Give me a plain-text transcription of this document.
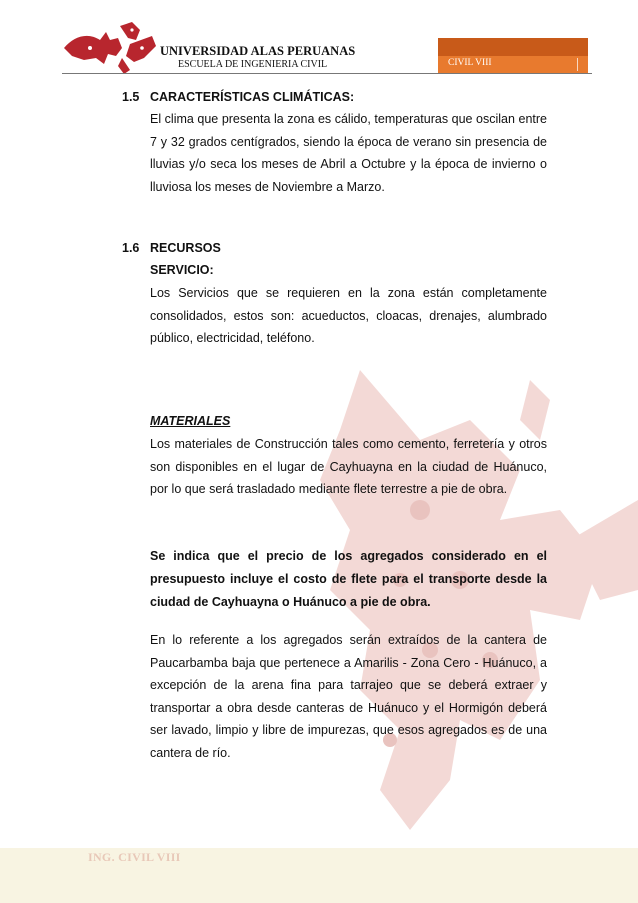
ING. CIVIL VIII
UNIVERSIDAD ALAS PERUANAS
ESCUELA DE INGENIERIA CIVIL	CIVIL VIII
1.5 CARACTERÍSTICAS CLIMÁTICAS:
El clima que presenta la zona es cálido, temperaturas que oscilan entre 7 y 32 grados centígrados, siendo la época de verano sin presencia de lluvias y/o seca los meses de Abril a Octubre y la época de invierno o lluviosa los meses de Noviembre a Marzo.
1.6 RECURSOS
SERVICIO:
Los Servicios que se requieren en la zona están completamente consolidados, estos son: acueductos, cloacas, drenajes, alumbrado público, electricidad, teléfono.
MATERIALES
Los materiales de Construcción tales como cemento, ferretería y otros son disponibles en el lugar de Cayhuayna en la ciudad de Huánuco, por lo que será trasladado mediante flete terrestre a pie de obra.
Se indica que el precio de los agregados considerado en el presupuesto incluye el costo de flete para el transporte desde la ciudad de Cayhuayna o Huánuco a pie de obra.
En lo referente a los agregados serán extraídos de la cantera de Paucarbamba baja que pertenece a Amarilis - Zona Cero - Huánuco, a excepción de la arena fina para tarrajeo que se deberá extraer y transportar a obra desde canteras de Huánuco y el Hormigón deberá ser lavado, limpio y libre de impurezas, que esos agregados es de una cantera de río.
